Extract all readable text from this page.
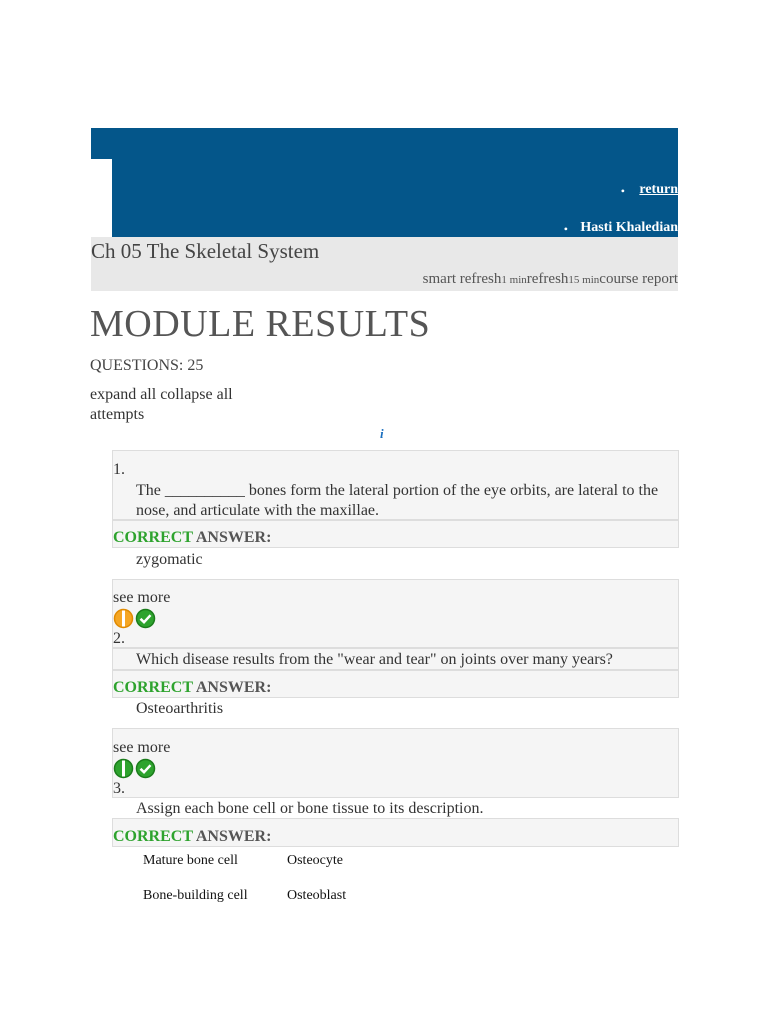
• return
• Hasti Khaledian
Ch 05 The Skeletal System
smart refresh1 minrefresh15 mincourse report
MODULE RESULTS
QUESTIONS: 25
expand all collapse all
attempts
i
1.
The __________ bones form the lateral portion of the eye orbits, are lateral to the nose, and articulate with the maxillae.
CORRECT ANSWER:
zygomatic
see more
2.
Which disease results from the "wear and tear" on joints over many years?
CORRECT ANSWER:
Osteoarthritis
see more
3.
Assign each bone cell or bone tissue to its description.
CORRECT ANSWER:
Mature bone cell	Osteocyte
Bone-building cell	Osteoblast
